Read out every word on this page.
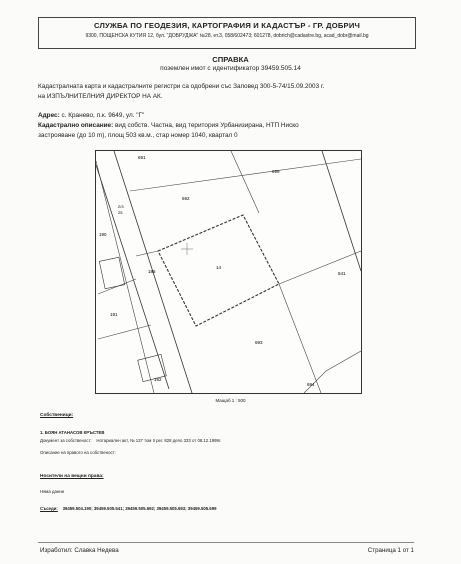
СЛУЖБА ПО ГЕОДЕЗИЯ, КАРТОГРАФИЯ И КАДАСТЪР - ГР. ДОБРИЧ
9300, ПОЩЕНСКА КУТИЯ 12, бул. "ДОБРУДЖА" №28, ет.3, 058/602473; 601278, dobrich@cadastre.bg, acad_dobr@mail.bg
СПРАВКА
поземлен имот с идентификатор 39459.505.14
Кадастралната карта и кадастралните регистри са одобрени със Заповед 300-5-74/15.09.2003 г.
на ИЗПЪЛНИТЕЛНИЯ ДИРЕКТОР НА АК.
Адрес: с. Кранево, п.к. 9649, ул. "Г"
Кадастрално описание: вид собств. Частна, вид територия Урбанизирана, НТП Ниско
застрояване (до 10 m), площ 503 кв.м., стар номер 1040, квартал 0
691
692
699
190
186
14
541
191
693
192
694
2/3
25
Мащаб 1 : 500
Собственици:
1. БОЯН АТАНАСОВ КРЪСТЕВ
Документ за собственост: Нотариален акт, № 137 том II рег. 828 дело 333 от 08.12.1999г.
Описание на правото на собственост:
Носители на вещни права:
Няма данни
Съседи: 39459.504.190; 39459.505.541; 39459.505.692; 39459.505.693; 39459.505.699
Изработил: Славка Недева	Страница 1 от 1
